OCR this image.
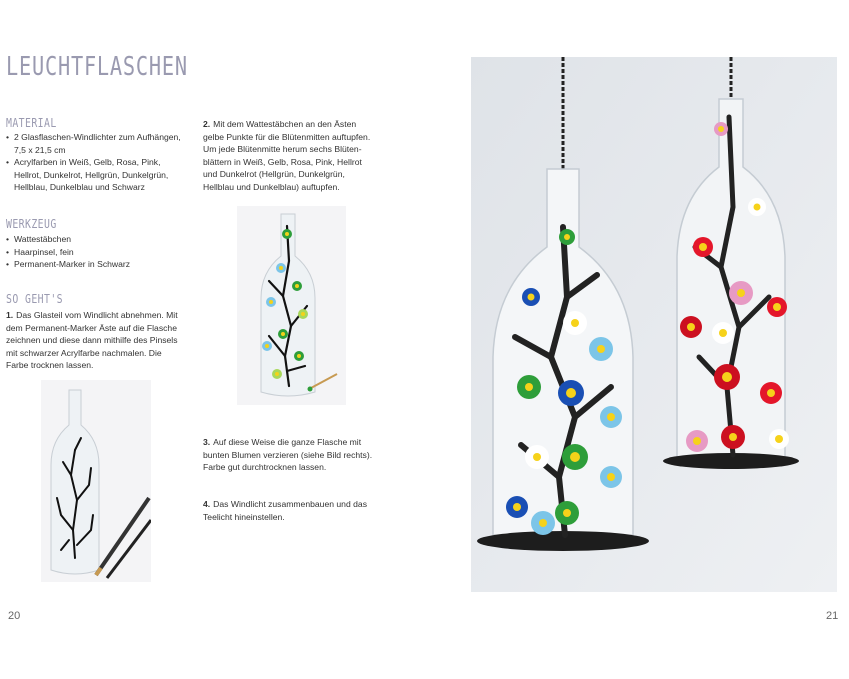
LEUCHTFLASCHEN
MATERIAL
• 2 Glasflaschen-Windlichter zum Aufhängen, 7,5 x 21,5 cm
• Acrylfarben in Weiß, Gelb, Rosa, Pink, Hellrot, Dunkelrot, Hellgrün, Dunkelgrün, Hellblau, Dunkelblau und Schwarz
WERKZEUG
• Wattestäbchen
• Haarpinsel, fein
• Permanent-Marker in Schwarz
SO GEHT'S
1. Das Glasteil vom Windlicht abnehmen. Mit dem Permanent-Marker Äste auf die Flasche zeichnen und diese dann mithilfe des Pinsels mit schwarzer Acrylfarbe nachmalen. Die Farbe trocknen lassen.
2. Mit dem Wattestäbchen an den Ästen gelbe Punkte für die Blütenmitten auftupfen. Um jede Blütenmitte herum sechs Blütenblättern in Weiß, Gelb, Rosa, Pink, Hellrot und Dunkelrot (Hellgrün, Dunkelgrün, Hellblau und Dunkelblau) auftupfen.
3. Auf diese Weise die ganze Flasche mit bunten Blumen verzieren (siehe Bild rechts). Farbe gut durchtrocknen lassen.
4. Das Windlicht zusammenbauen und das Teelicht hineinstellen.
20	21
